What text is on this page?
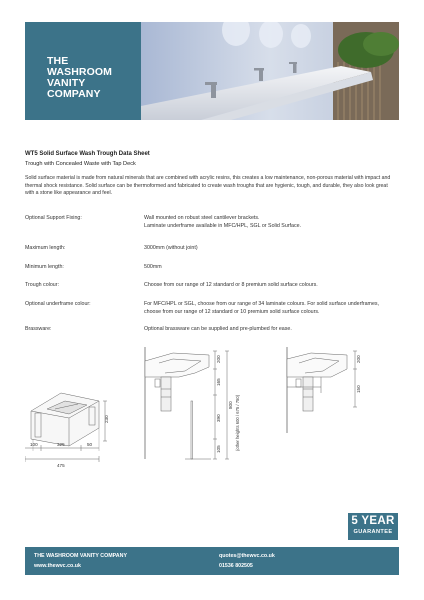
THE
WASHROOM
VANITY
COMPANY
WT5 Solid Surface Wash Trough Data Sheet
Trough with Concealed Waste with Tap Deck
Solid surface material is made from natural minerals that are combined with acrylic resins, this creates a low maintenance, non-porous material with impact and thermal shock resistance. Solid surface can be thermoformed and fabricated to create wash troughs that are hygienic, tough, and durable, they also look great with a stone like appearance and feel.
Optional Support Fixing:	Wall mounted on robust steel cantilever brackets.
Laminate underframe available in MFC/HPL, SGL or Solid Surface.
Maximum length:	3000mm (without joint)
Minimum length:	500mm
Trough colour:	Choose from our range of 12 standard or 8 premium solid surface colours.
Optional underframe colour:	For MFC/HPL or SGL, choose from our range of 34 laminate colours. For solid surface underframes, choose from our range of 12 standard or 10 premium solid surface colours.
Brassware:	Optional brassware can be supplied and pre-plumbed for ease.
230
100	325	50
475
200
165
390
105
800 (other heights 600 / 675 / 750)
200
150
5 YEAR
GUARANTEE
THE WASHROOM VANITY COMPANY
www.thewvc.co.uk
quotes@thewvc.co.uk
01536 802505
